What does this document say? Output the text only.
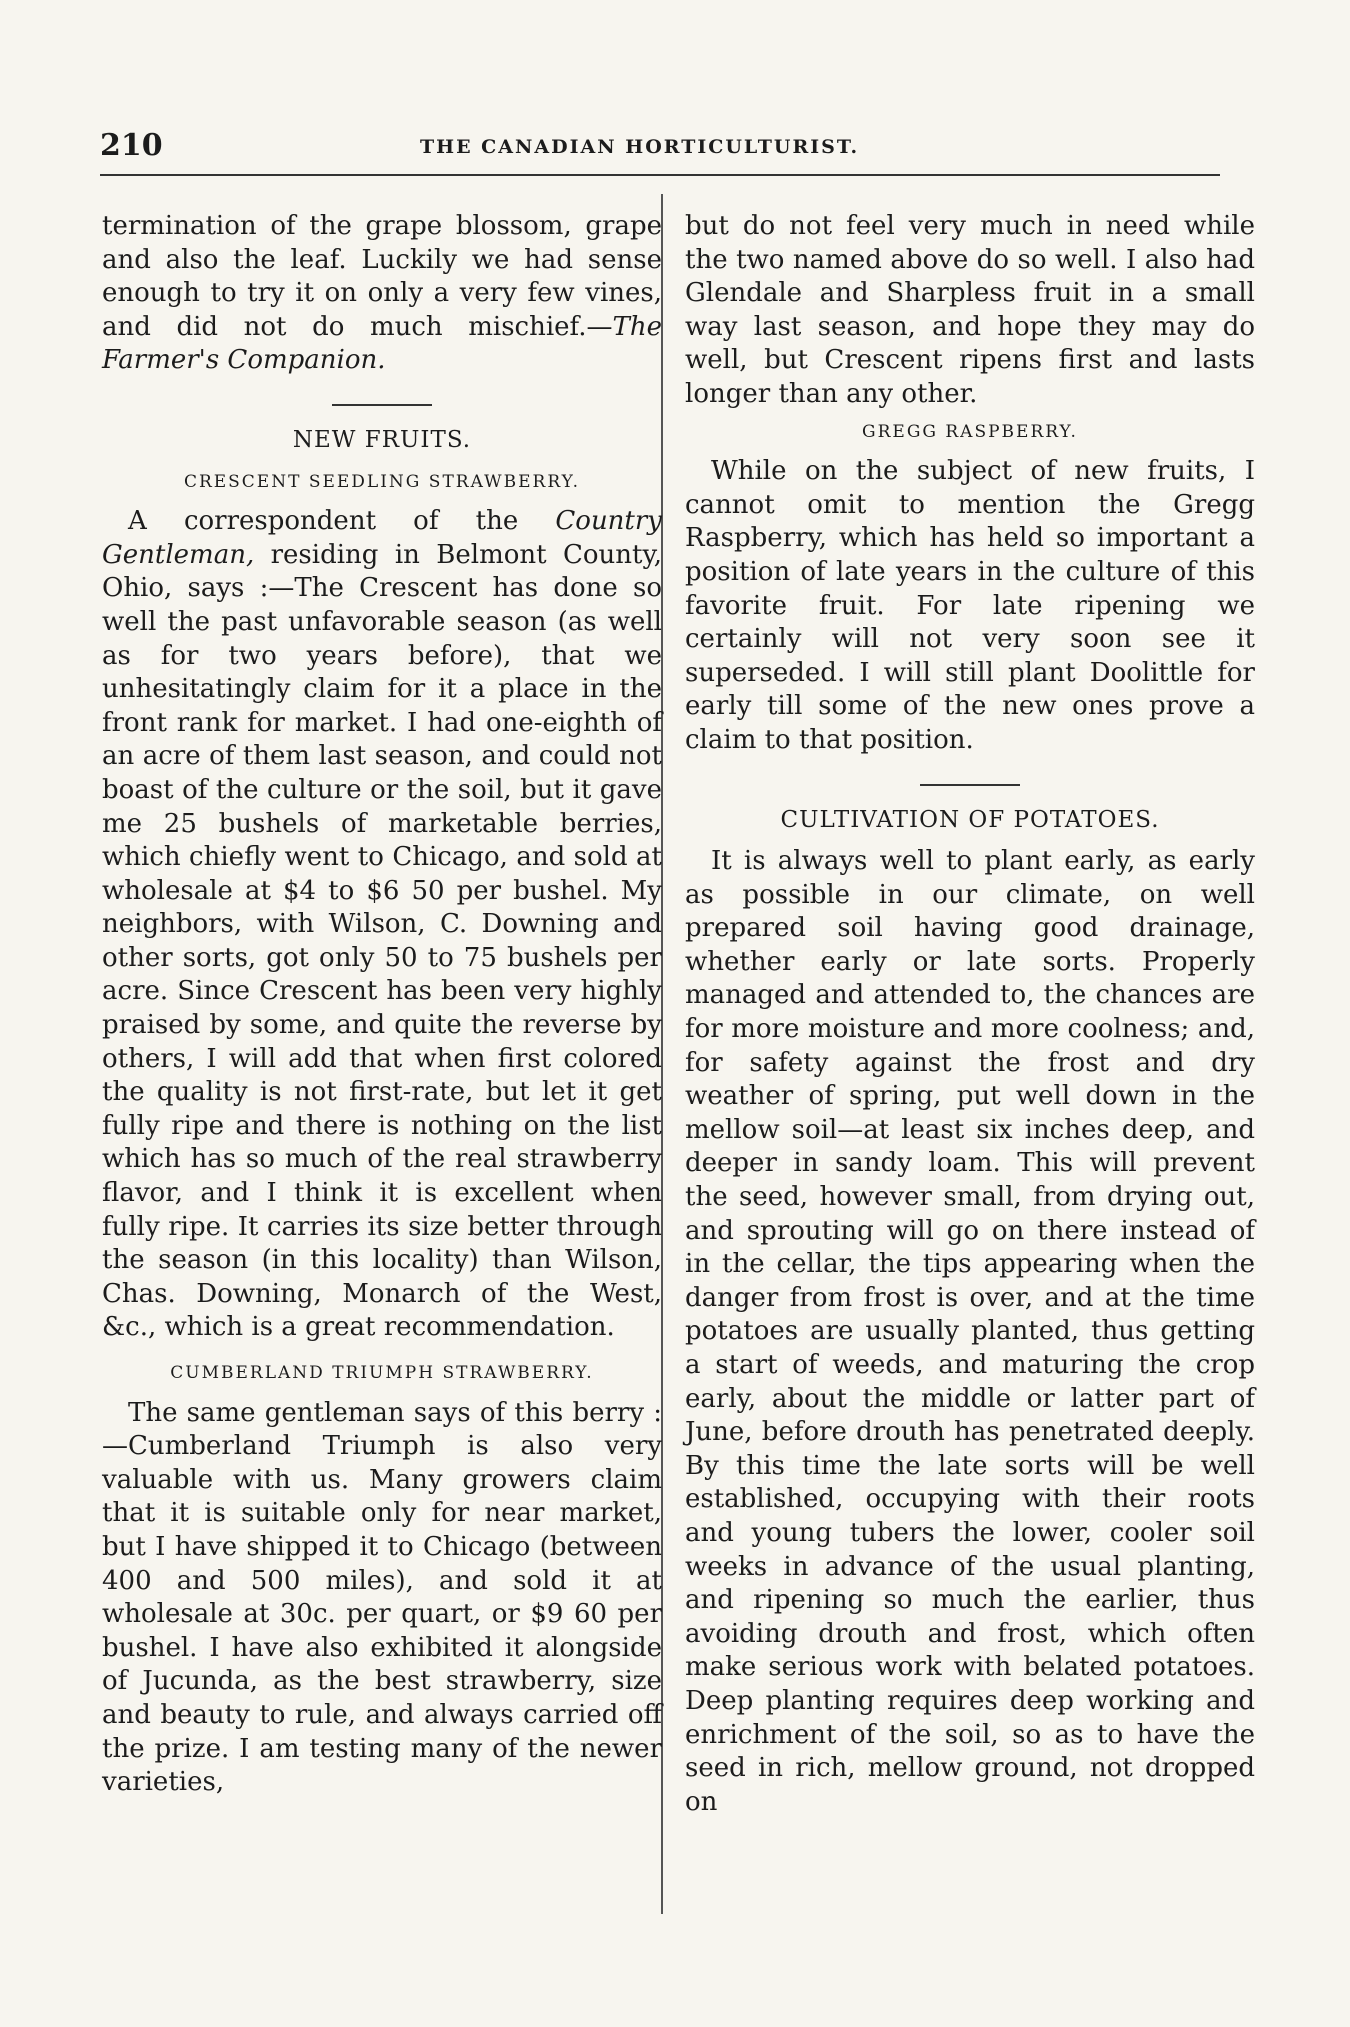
210	THE CANADIAN HORTICULTURIST.

termination of the grape blossom, grape and also the leaf. Luckily we had sense enough to try it on only a very few vines, and did not do much mischief.—The Farmer's Companion.

NEW FRUITS.
CRESCENT SEEDLING STRAWBERRY.

A correspondent of the Country Gentleman, residing in Belmont County, Ohio, says :—The Crescent has done so well the past unfavorable season (as well as for two years before), that we unhesitatingly claim for it a place in the front rank for market. I had one-eighth of an acre of them last season, and could not boast of the culture or the soil, but it gave me 25 bushels of marketable berries, which chiefly went to Chicago, and sold at wholesale at $4 to $6 50 per bushel. My neighbors, with Wilson, C. Downing and other sorts, got only 50 to 75 bushels per acre. Since Crescent has been very highly praised by some, and quite the reverse by others, I will add that when first colored the quality is not first-rate, but let it get fully ripe and there is nothing on the list which has so much of the real strawberry flavor, and I think it is excellent when fully ripe. It carries its size better through the season (in this locality) than Wilson, Chas. Downing, Monarch of the West, &c., which is a great recommendation.

CUMBERLAND TRIUMPH STRAWBERRY.

The same gentleman says of this berry :—Cumberland Triumph is also very valuable with us. Many growers claim that it is suitable only for near market, but I have shipped it to Chicago (between 400 and 500 miles), and sold it at wholesale at 30c. per quart, or $9 60 per bushel. I have also exhibited it alongside of Jucunda, as the best strawberry, size and beauty to rule, and always carried off the prize. I am testing many of the newer varieties,

but do not feel very much in need while the two named above do so well. I also had Glendale and Sharpless fruit in a small way last season, and hope they may do well, but Crescent ripens first and lasts longer than any other.

GREGG RASPBERRY.

While on the subject of new fruits, I cannot omit to mention the Gregg Raspberry, which has held so important a position of late years in the culture of this favorite fruit. For late ripening we certainly will not very soon see it superseded. I will still plant Doolittle for early till some of the new ones prove a claim to that position.

CULTIVATION OF POTATOES.

It is always well to plant early, as early as possible in our climate, on well prepared soil having good drainage, whether early or late sorts. Properly managed and attended to, the chances are for more moisture and more coolness; and, for safety against the frost and dry weather of spring, put well down in the mellow soil—at least six inches deep, and deeper in sandy loam. This will prevent the seed, however small, from drying out, and sprouting will go on there instead of in the cellar, the tips appearing when the danger from frost is over, and at the time potatoes are usually planted, thus getting a start of weeds, and maturing the crop early, about the middle or latter part of June, before drouth has penetrated deeply. By this time the late sorts will be well established, occupying with their roots and young tubers the lower, cooler soil weeks in advance of the usual planting, and ripening so much the earlier, thus avoiding drouth and frost, which often make serious work with belated potatoes. Deep planting requires deep working and enrichment of the soil, so as to have the seed in rich, mellow ground, not dropped on
